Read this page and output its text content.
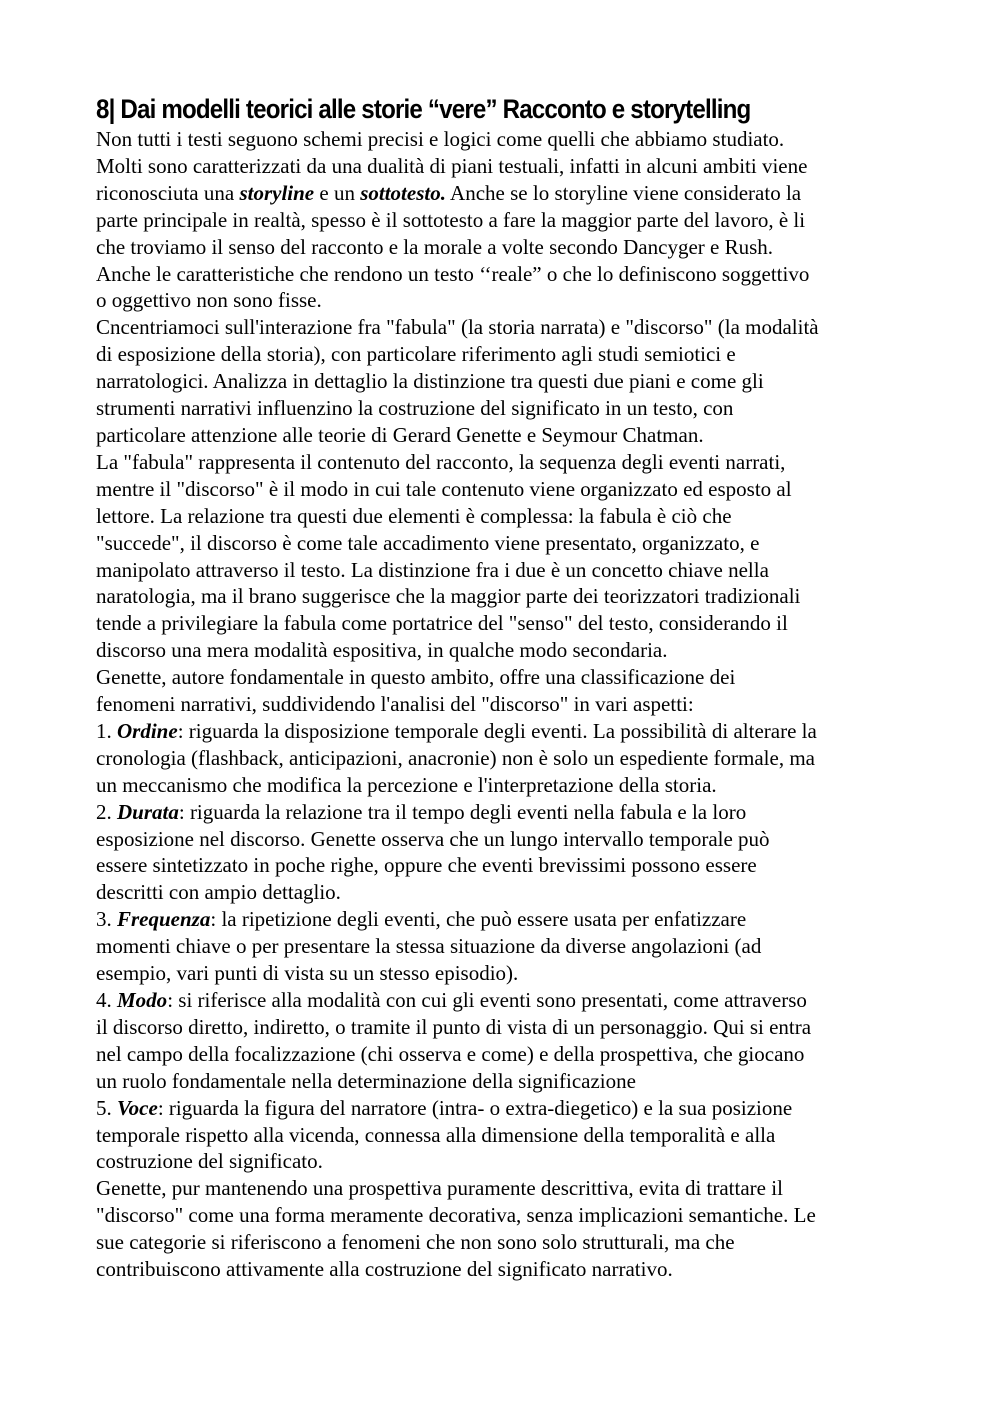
8| Dai modelli teorici alle storie “vere” Racconto e storytelling
Non tutti i testi seguono schemi precisi e logici come quelli che abbiamo studiato.
Molti sono caratterizzati da una dualità di piani testuali, infatti in alcuni ambiti viene
riconosciuta una storyline e un sottotesto. Anche se lo storyline viene considerato la
parte principale in realtà, spesso è il sottotesto a fare la maggior parte del lavoro, è li
che troviamo il senso del racconto e la morale a volte secondo Dancyger e Rush.
Anche le caratteristiche che rendono un testo ‘‘reale” o che lo definiscono soggettivo
o oggettivo non sono fisse.
Cncentriamoci sull'interazione fra "fabula" (la storia narrata) e "discorso" (la modalità
di esposizione della storia), con particolare riferimento agli studi semiotici e
narratologici. Analizza in dettaglio la distinzione tra questi due piani e come gli
strumenti narrativi influenzino la costruzione del significato in un testo, con
particolare attenzione alle teorie di Gerard Genette e Seymour Chatman.
La "fabula" rappresenta il contenuto del racconto, la sequenza degli eventi narrati,
mentre il "discorso" è il modo in cui tale contenuto viene organizzato ed esposto al
lettore. La relazione tra questi due elementi è complessa: la fabula è ciò che
"succede", il discorso è come tale accadimento viene presentato, organizzato, e
manipolato attraverso il testo. La distinzione fra i due è un concetto chiave nella
naratologia, ma il brano suggerisce che la maggior parte dei teorizzatori tradizionali
tende a privilegiare la fabula come portatrice del "senso" del testo, considerando il
discorso una mera modalità espositiva, in qualche modo secondaria.
Genette, autore fondamentale in questo ambito, offre una classificazione dei
fenomeni narrativi, suddividendo l'analisi del "discorso" in vari aspetti:
1. Ordine: riguarda la disposizione temporale degli eventi. La possibilità di alterare la
cronologia (flashback, anticipazioni, anacronie) non è solo un espediente formale, ma
un meccanismo che modifica la percezione e l'interpretazione della storia.
2. Durata: riguarda la relazione tra il tempo degli eventi nella fabula e la loro
esposizione nel discorso. Genette osserva che un lungo intervallo temporale può
essere sintetizzato in poche righe, oppure che eventi brevissimi possono essere
descritti con ampio dettaglio.
3. Frequenza: la ripetizione degli eventi, che può essere usata per enfatizzare
momenti chiave o per presentare la stessa situazione da diverse angolazioni (ad
esempio, vari punti di vista su un stesso episodio).
4. Modo: si riferisce alla modalità con cui gli eventi sono presentati, come attraverso
il discorso diretto, indiretto, o tramite il punto di vista di un personaggio. Qui si entra
nel campo della focalizzazione (chi osserva e come) e della prospettiva, che giocano
un ruolo fondamentale nella determinazione della significazione
5. Voce: riguarda la figura del narratore (intra- o extra-diegetico) e la sua posizione
temporale rispetto alla vicenda, connessa alla dimensione della temporalità e alla
costruzione del significato.
Genette, pur mantenendo una prospettiva puramente descrittiva, evita di trattare il
"discorso" come una forma meramente decorativa, senza implicazioni semantiche. Le
sue categorie si riferiscono a fenomeni che non sono solo strutturali, ma che
contribuiscono attivamente alla costruzione del significato narrativo.
